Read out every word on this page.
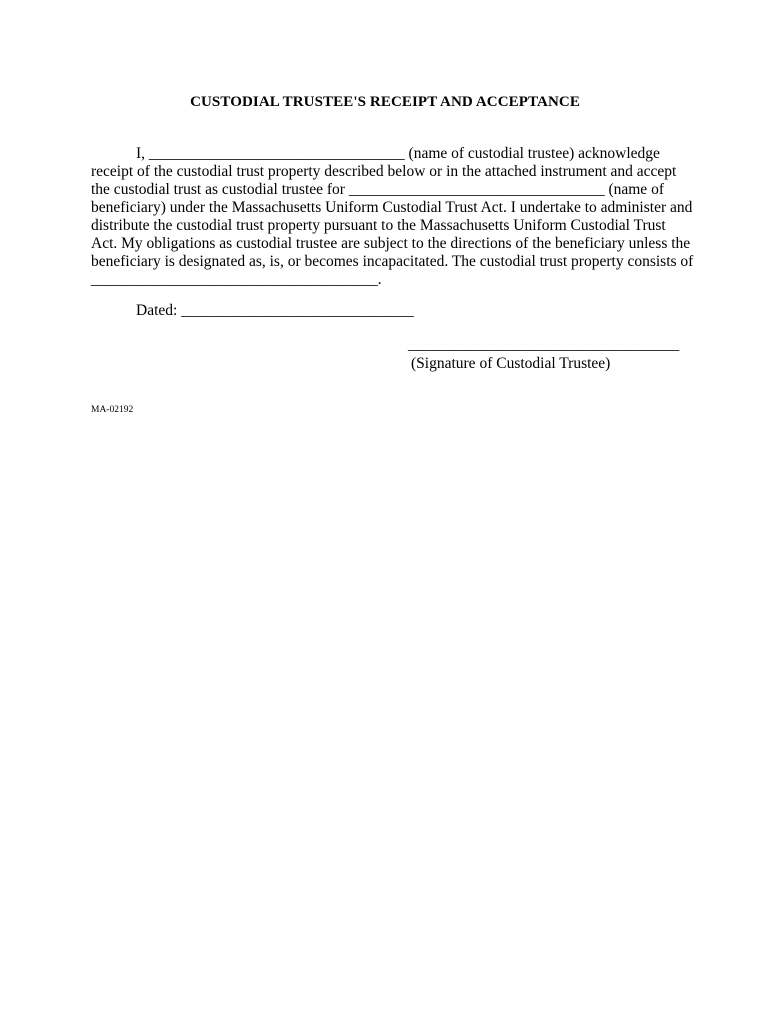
CUSTODIAL TRUSTEE'S RECEIPT AND ACCEPTANCE
I, _________________________________ (name of custodial trustee) acknowledge
receipt of the custodial trust property described below or in the attached instrument and accept
the custodial trust as custodial trustee for _________________________________ (name of
beneficiary) under the Massachusetts Uniform Custodial Trust Act. I undertake to administer and
distribute the custodial trust property pursuant to the Massachusetts Uniform Custodial Trust
Act. My obligations as custodial trustee are subject to the directions of the beneficiary unless the
beneficiary is designated as, is, or becomes incapacitated. The custodial trust property consists of
_____________________________________.
Dated: ______________________________
___________________________________
(Signature of Custodial Trustee)
MA-02192
